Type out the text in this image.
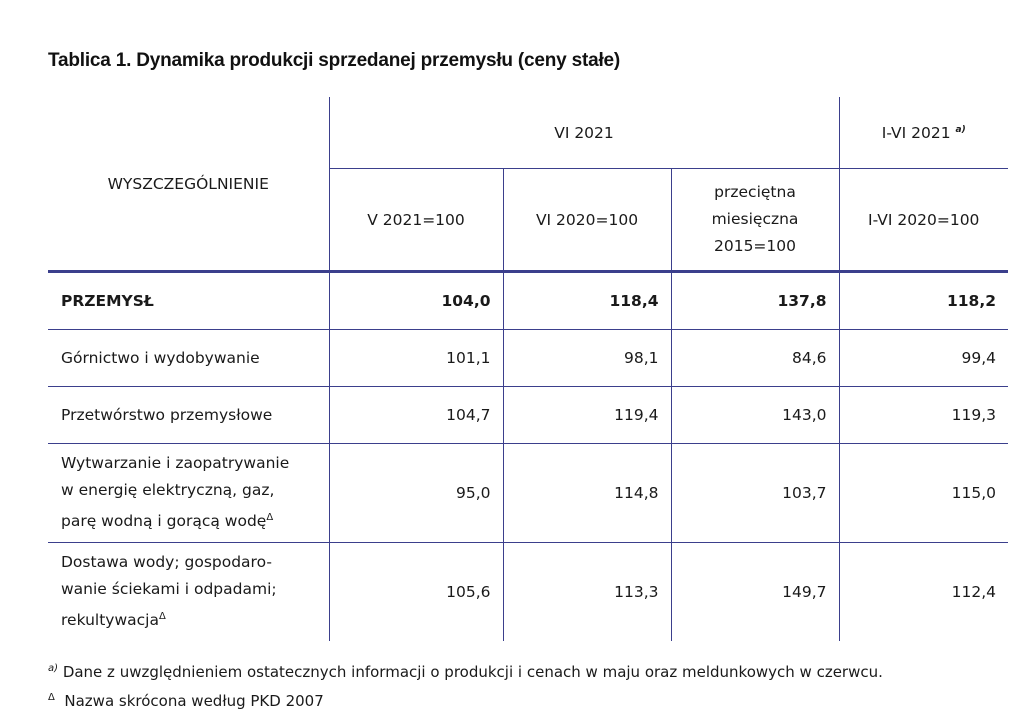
Tablica 1. Dynamika produkcji sprzedanej przemysłu (ceny stałe)
WYSZCZEGÓLNIENIE	VI 2021			I-VI 2021 $^{a)}$
	V 2021=100	VI 2020=100	przeciętna
miesięczna
2015=100	I-VI 2020=100
PRZEMYSŁ	104,0	118,4	137,8	118,2
Górnictwo i wydobywanie	101,1	98,1	84,6	99,4
Przetwórstwo przemysłowe	104,7	119,4	143,0	119,3

Wytwarzanie i zaopatrywanie
w energię elektryczną, gaz,
parę wodną i gorącą wodę$^\Delta$	95,0	114,8	103,7	115,0

Dostawa wody; gospodaro-
wanie ściekami i odpadami;
rekultywacja$^\Delta$	105,6	113,3	149,7	112,4
$^{a)}$ Dane z uwzględnieniem ostatecznych informacji o produkcji i cenach w maju oraz meldunkowych w czerwcu.
$^\Delta$ Nazwa skrócona według PKD 2007
